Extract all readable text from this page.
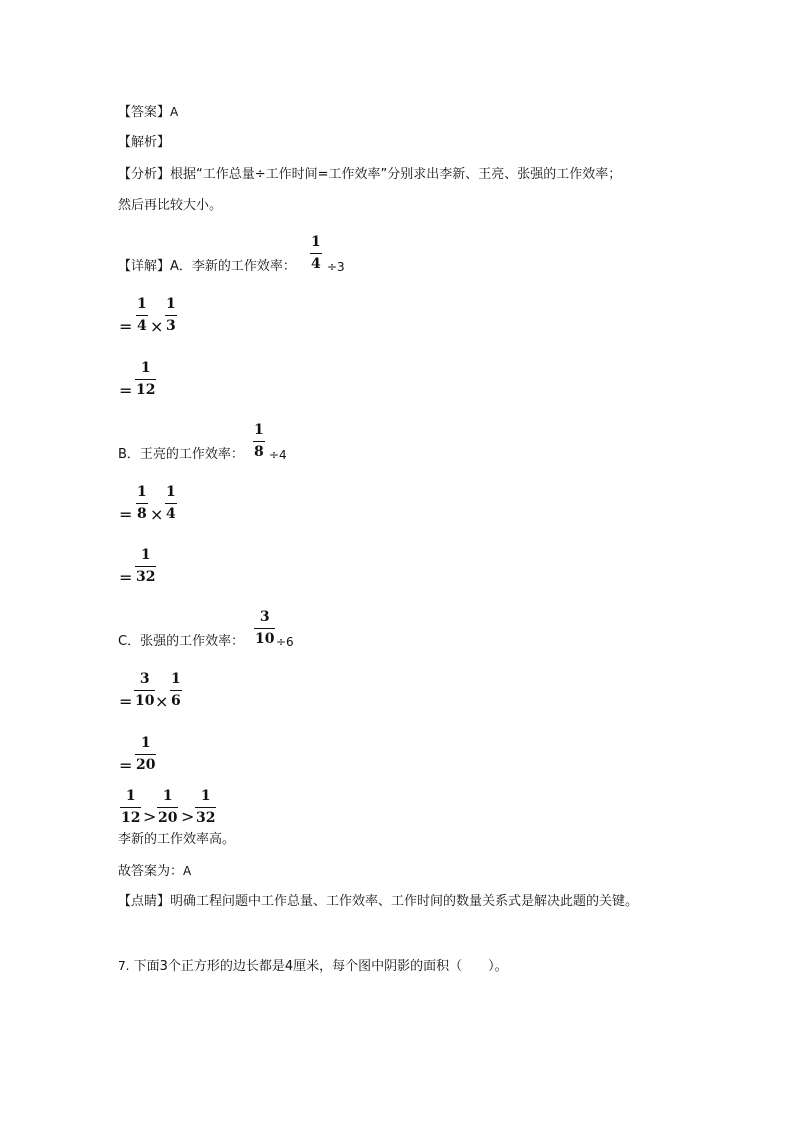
【答案】A
【解析】
【分析】根据“工作总量÷工作时间=工作效率”分别求出李新、王亮、张强的工作效率；
然后再比较大小。
【详解】A．李新的工作效率：
1
4 ÷3
=
1
4 ×
1
3
=
1
12
B．王亮的工作效率：
1
8 ÷4
=
1
8 ×
1
4
=
1
32
C．张强的工作效率：
3
10 ÷6
=
3
10 ×
1
6
=
1
20
1
12 >
1
20 >
1
32
李新的工作效率高。
故答案为：A
【点睛】明确工程问题中工作总量、工作效率、工作时间的数量关系式是解决此题的关键。
7. 下面3个正方形的边长都是4厘米，每个图中阴影的面积（　　）。
